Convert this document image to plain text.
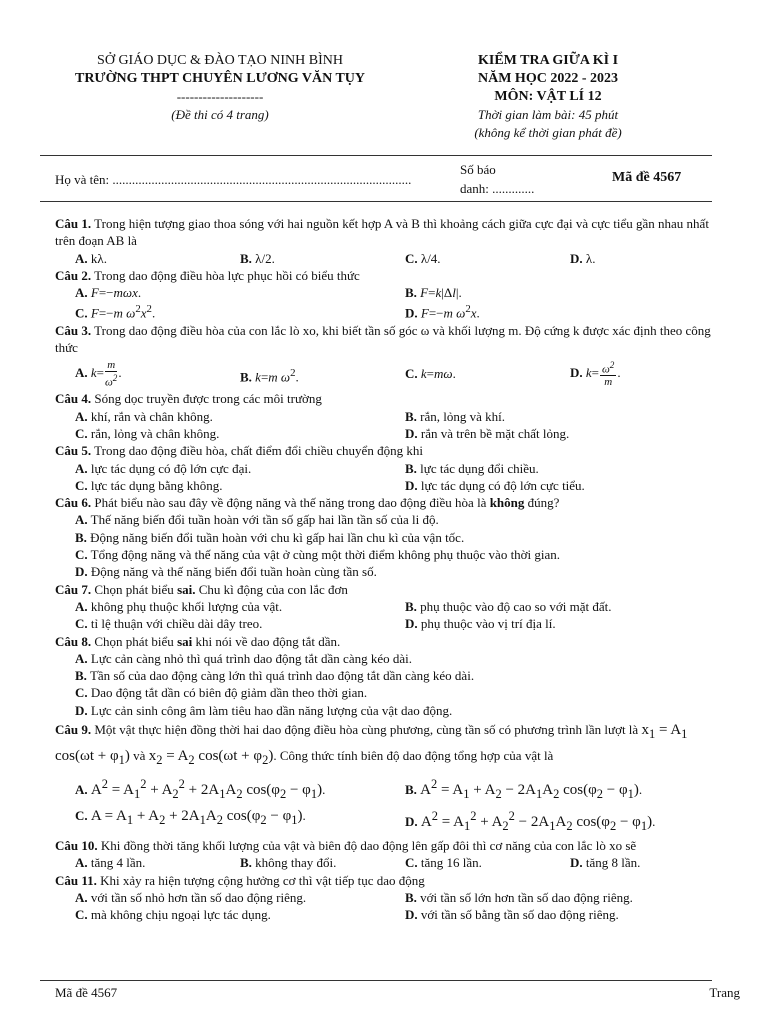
SỞ GIÁO DỤC & ĐÀO TẠO NINH BÌNH
TRƯỜNG THPT CHUYÊN LƯƠNG VĂN TỤY
--------------------
(Đề thi có 4 trang)
KIỂM TRA GIỮA KÌ I
NĂM HỌC 2022 - 2023
MÔN: VẬT LÍ 12
Thời gian làm bài: 45 phút
(không kể thời gian phát đề)
Họ và tên: ............................................................................................
Số báo
danh: .............
Mã đề 4567

Câu 1. Trong hiện tượng giao thoa sóng với hai nguồn kết hợp A và B thì khoảng cách giữa cực đại và cực tiểu gần nhau nhất trên đoạn AB là

A. kλ.	B. λ/2.	C. λ/4.	D. λ.

Câu 2. Trong dao động điều hòa lực phục hồi có biểu thức

A. F=−mωx.	B. F=k|Δl|.
C. F=−m $\omega^2x^2$.	D. F=−m $\omega^2x$.

Câu 3. Trong dao động điều hòa của con lắc lò xo, khi biết tần số góc ω và khối lượng m. Độ cứng k được xác định theo công thức

A. $k= \frac{m}{\omega^2}$ .	B. k=m $\omega^2$.	C. k=mω.	D. $k= \frac{\omega^2}{m}$ .

Câu 4. Sóng dọc truyền được trong các môi trường

A. khí, rắn và chân không.	B. rắn, lỏng và khí.
C. rắn, lỏng và chân không.	D. rắn và trên bề mặt chất lỏng.

Câu 5. Trong dao động điều hòa, chất điểm đổi chiều chuyển động khi

A. lực tác dụng có độ lớn cực đại.	B. lực tác dụng đổi chiều.
C. lực tác dụng bằng không.	D. lực tác dụng có độ lớn cực tiểu.

Câu 6. Phát biểu nào sau đây về động năng và thế năng trong dao động điều hòa là không đúng?

A. Thế năng biến đổi tuần hoàn với tần số gấp hai lần tần số của li độ.

B. Động năng biến đổi tuần hoàn với chu kì gấp hai lần chu kì của vận tốc.

C. Tổng động năng và thế năng của vật ở cùng một thời điểm không phụ thuộc vào thời gian.

D. Động năng và thế năng biến đổi tuần hoàn cùng tần số.

Câu 7. Chọn phát biểu sai. Chu kì động của con lắc đơn

A. không phụ thuộc khối lượng của vật.	B. phụ thuộc vào độ cao so với mặt đất.
C. tỉ lệ thuận với chiều dài dây treo.	D. phụ thuộc vào vị trí địa lí.

Câu 8. Chọn phát biểu sai khi nói về dao động tắt dần.

A. Lực cản càng nhỏ thì quá trình dao động tắt dần càng kéo dài.

B. Tần số của dao động càng lớn thì quá trình dao động tắt dần càng kéo dài.

C. Dao động tắt dần có biên độ giảm dần theo thời gian.

D. Lực cản sinh công âm làm tiêu hao dần năng lượng của vật dao động.

Câu 9. Một vật thực hiện đồng thời hai dao động điều hòa cùng phương, cùng tần số có phương trình lần lượt là $x_1 = A_1$ $\cos(\omega t + \varphi_1)$ và $x_2 = A_2$ $\cos(\omega t + \varphi_2)$. Công thức tính biên độ dao động tổng hợp của vật là

A. $A^2 = A_1^2 + A_2^2 + 2A_1A_2$ $\cos(\varphi_2 - \varphi_1)$.	B. $A^2 = A_1 + A_2 - 2A_1A_2$ $\cos(\varphi_2 - \varphi_1)$.
C. $A = A_1 + A_2 + 2A_1A_2$ $\cos(\varphi_2 - \varphi_1)$.	D. $A^2 = A_1^2 + A_2^2 - 2A_1A_2$ $\cos(\varphi_2 - \varphi_1)$.

Câu 10. Khi đồng thời tăng khối lượng của vật và biên độ dao động lên gấp đôi thì cơ năng của con lắc lò xo sẽ

A. tăng 4 lần.	B. không thay đổi.	C. tăng 16 lần.	D. tăng 8 lần.

Câu 11. Khi xảy ra hiện tượng cộng hưởng cơ thì vật tiếp tục dao động

A. với tần số nhỏ hơn tần số dao động riêng.	B. với tần số lớn hơn tần số dao động riêng.
C. mà không chịu ngoại lực tác dụng.	D. với tần số bằng tần số dao động riêng.
Mã đề 4567	Trang
